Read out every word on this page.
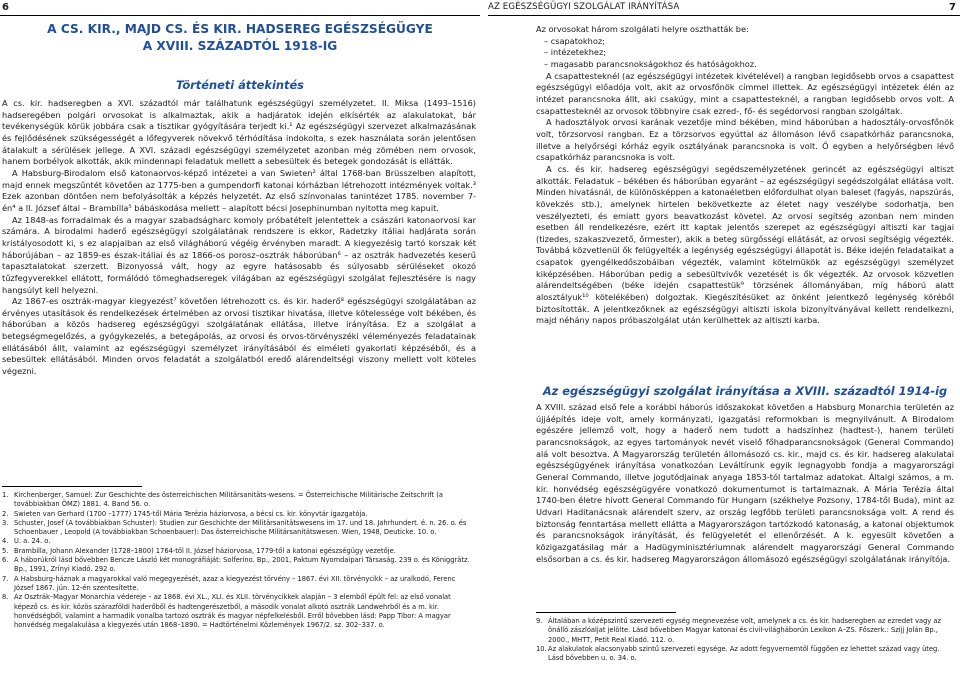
6
A CS. KIR., MAJD CS. ÉS KIR. HADSEREG EGÉSZSÉGÜGYE
A XVIII. SZÁZADTÓL 1918-IG
Történeti áttekintés

A cs. kir. hadseregben a XVI. századtól már találhatunk egészségügyi személyzetet. II. Miksa (1493–1516) hadseregében polgári orvosokat is alkalmaztak, akik a hadjáratok idején elkísérték az alakulatokat, bár tevékenységük körük jobbára csak a tisztikar gyógyítására terjedt ki.¹ Az egészségügyi szervezet alkalmazásának és fejlődésének szükségességét a lőfegyverek növekvő térhódítása indokolta, s ezek használata során jelentősen átalakult a sérülések jellege. A XVI. századi egészségügyi személyzetet azonban még zömében nem orvosok, hanem borbélyok alkották, akik mindennapi feladatuk mellett a sebesültek és betegek gondozását is ellátták.

A Habsburg-Birodalom első katonaorvos-képző intézetei a van Swieten² által 1768-ban Brüsszelben alapított, majd ennek megszűntét követően az 1775-ben a gumpendorfi katonai kórházban létrehozott intézmények voltak.³ Ezek azonban döntően nem befolyásolták a képzés helyzetét. Az első színvonalas tanintézet 1785. november 7-én⁴ a II. József által – Brambilla⁵ bábáskodása mellett – alapított bécsi Josephinumban nyitotta meg kapuit.

Az 1848-as forradalmak és a magyar szabadságharc komoly próbatételt jelentettek a császári katonaorvosi kar számára. A birodalmi haderő egészségügyi szolgálatának rendszere is ekkor, Radetzky itáliai hadjárata során kristályosodott ki, s ez alapjaiban az első világháború végéig érvényben maradt. A kiegyezésig tartó korszak két háborújában – az 1859-es észak-itáliai és az 1866-os porosz–osztrák háborúban⁶ – az osztrák hadvezetés keserű tapasztalatokat szerzett. Bizonyossá vált, hogy az egyre hatásosabb és súlyosabb sérüléseket okozó tűzfegyverekkel ellátott, formálódó tömeghadseregek világában az egészségügyi szolgálat fejlesztésére is nagy hangsúlyt kell helyezni.

Az 1867-es osztrák-magyar kiegyezést⁷ követően létrehozott cs. és kir. haderő⁸ egészségügyi szolgálatában az érvényes utasítások és rendelkezések értelmében az orvosi tisztikar hivatása, illetve kötelessége volt békében, és háborúban a közös hadsereg egészségügyi szolgálatának ellátása, illetve irányítása. Ez a szolgálat a betegségmegelőzés, a gyógykezelés, a betegápolás, az orvosi és orvos-törvényszéki véleményezés feladatainak ellátásából állt, valamint az egészségügyi személyzet irányításából és elméleti gyakorlati képzéséből, és a sebesültek ellátásából. Minden orvos feladatát a szolgálatból eredő alárendeltségi viszony mellett volt köteles végezni.

1. Kirchenberger, Samuel: Zur Geschichte des österreichischen Militärsanitäts-wesens. = Österreichische Militärische Zeitschrift (a továbbiakban ÖMZ) 1881. 4. Band 56. o.
2. Swieten van Gerhard (1700 –1777) 1745-től Mária Terézia háziorvosa, a bécsi cs. kir. könyvtár igazgatója.
3. Schuster, Josef (A továbbiakban Schuster): Studien zur Geschichte der Militärsanitätswesens im 17. und 18. Jahrhundert. é. n. 26. o. és Schoenbauer , Leopold (A továbbiakban Schoenbauer): Das österreichische Militärsanitätswesen. Wien, 1948, Deuticke. 10. o.
4. U. a. 24. o.
5. Brambilla, Johann Alexander (1728–1800) 1764-től II. József háziorvosa, 1779-től a katonai egészségügy vezetője.
6. A háborúkról lásd bővebben Bencze László két monográfiáját: Solferino. Bp., 2001, Paktum Nyomdaipari Társaság. 239 o. és Königgrätz. Bp., 1991, Zrínyi Kiadó. 292 o.
7. A Habsburg-háznak a magyarokkal való megegyezését, azaz a kiegyezést törvény – 1867. évi XII. törvénycikk – az uralkodó, Ferenc József 1867. jún. 12-én szentesítette.
8. Az Osztrák–Magyar Monarchia védereje – az 1868. évi XL., XLI. és XLII. törvénycikkek alapján – 3 elemből épült fel: az első vonalat képező cs. és kir. közös szárazföldi haderőből és hadtengerészetből, a második vonalat alkotó osztrák Landwehrből és a m. kir. honvédségből, valamint a harmadik vonalba tartozó osztrák és magyar népfelkelésből. Erről bővebben lásd: Papp Tibor: A magyar honvédség megalakulása a kiegyezés után 1868–1890. = Hadtörténelmi Közlemények 1967/2. sz. 302–337. o.
AZ EGÉSZSÉGÜGYI SZOLGÁLAT IRÁNYÍTÁSA	7

Az orvosokat három szolgálati helyre oszthatták be:

– csapatokhoz;
– intézetekhez;
– magasabb parancsnokságokhoz és hatóságokhoz.

A csapattesteknél (az egészségügyi intézetek kivételével) a rangban legidősebb orvos a csapattest egészségügyi előadója volt, akit az orvosfőnök címmel illettek. Az egészségügyi intézetek élén az intézet parancsnoka állt, aki csakúgy, mint a csapattesteknél, a rangban legidősebb orvos volt. A csapattesteknél az orvosok többnyire csak ezred-, fő- és segédorvosi rangban szolgáltak.

A hadosztályok orvosi karának vezetője mind békében, mind háborúban a hadosztály-orvosfőnök volt, törzsorvosi rangban. Ez a törzsorvos egyúttal az állomáson lévő csapatkórház parancsnoka, illetve a helyőrségi kórház egyik osztályának parancsnoka is volt. Ő egyben a helyőrségben lévő csapatkórház parancsnoka is volt.

A cs. és kir. hadsereg egészségügyi segédszemélyzetének gerincét az egészségügyi altiszt alkották. Feladatuk – békében és háborúban egyaránt – az egészségügyi segédszolgálat ellátása volt. Minden hivatásnál, de különösképpen a katonaéletben előfordulhat olyan baleset (fagyás, napszúrás, kövekzés stb.), amelynek hirtelen bekövetkezte az életet nagy veszélybe sodorhatja, ben veszélyezteti, és emiatt gyors beavatkozást követel. Az orvosi segítség azonban nem minden esetben áll rendelkezésre, ezért itt kaptak jelentős szerepet az egészségügyi altiszti kar tagjai (tizedes, szakaszvezető, őrmester), akik a beteg sürgősségi ellátását, az orvosi segítségig végezték. Továbbá közvetlenül ők felügyelték a legénység egészségügyi állapotát is. Béke idején feladataikat a csapatok gyengélkedőszobáiban végezték, valamint kötelmükök az egészségügyi személyzet kiképzésében. Háborúban pedig a sebesültvivők vezetését is ők végezték. Az orvosok közvetlen alárendeltségében (béke idején csapattestük⁹ törzsének állományában, míg háború alatt alosztályuk¹⁰ kötelékében) dolgoztak. Kiegészítésüket az önként jelentkező legénység köréből biztosították. A jelentkezőknek az egészségügyi altiszti iskola bizonyítványával kellett rendelkezni, majd néhány napos próbaszolgálat után kerülhettek az altiszti karba.

Az egészségügyi szolgálat irányítása a XVIII. századtól 1914-ig

A XVIII. század első fele a korábbi háborús időszakokat követően a Habsburg Monarchia területén az újjáépítés ideje volt, amely kormányzati, igazgatási reformokban is megnyilvánult. A Birodalom egészére jellemző volt, hogy a haderő nem tudott a hadszínhez (hadtest-), hanem területi parancsnokságok, az egyes tartományok nevét viselő főhadparancsnokságok (General Commando) alá volt besoztva. A Magyarország területén állomásozó cs. kir., majd cs. és kir. hadsereg alakulatai egészségügyének irányítása vonatkozóan Leváltírunk egyik legnagyobb fondja a magyarországi General Commando, illetve jogutódjainak anyaga 1853-tól tartalmaz adatokat. Általgi számos, a m. kir. honvédség egészségügyére vonatkozó dokumentumot is tartalmaznak. A Mária Terézia által 1740-ben életre hívott General Commando für Hungarn (székhelye Pozsony, 1784-től Buda), mint az Udvari Haditanácsnak alárendelt szerv, az ország legfőbb területi parancsnoksága volt. A rend és biztonság fenntartása mellett ellátta a Magyarországon tartózkodó katonaság, a katonai objektumok és parancsnokságok irányítását, és felügyeletét el ellenőrzését. A k. egyesült követően a közigazgatásilag már a Hadügyminisztériumnak alárendelt magyarországi General Commando elsősorban a cs. és kir. hadsereg Magyarországon állomásozó egészségügyi szolgálatának irányítója.

9. Általában a középszintű szervezeti egység megnevezése volt, amelynek a cs. és kir. hadseregben az ezredet vagy az önálló zászlóaljat jelölte. Lásd bővebben Magyar katonai és civil-világháborún Lexikon A–ZS. Főszerk.: Szijj Jolán Bp., 2000., MHTT, Petit Real Kiadó. 112. o.
10. Az alakulatok alacsonyabb szintű szervezeti egysége. Az adott fegyvernemtől függően ez lehettet század vagy üteg. Lásd bővebben u. o. 34. o.
